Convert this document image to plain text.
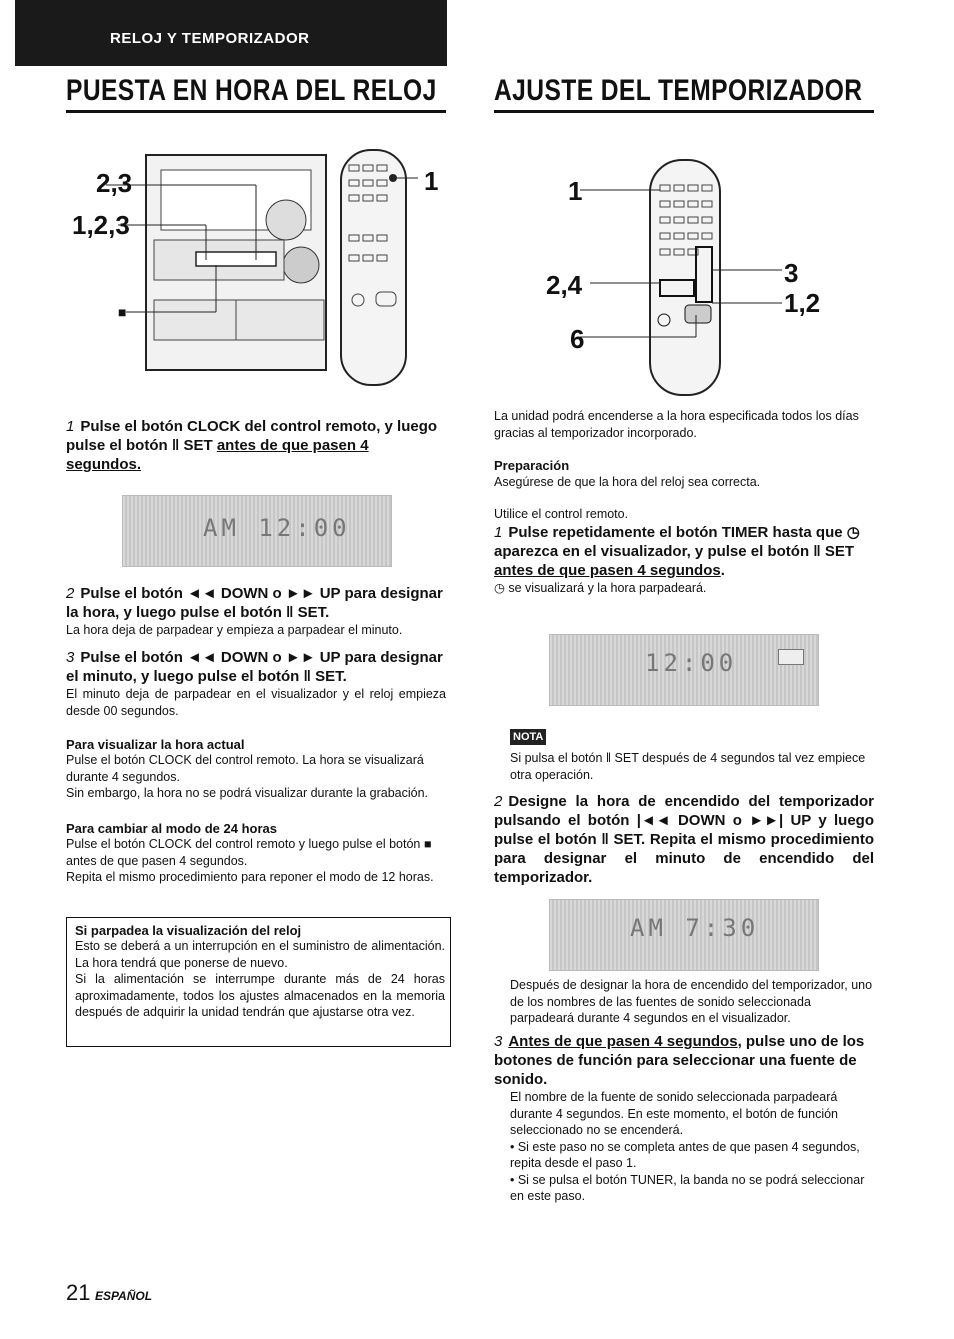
RELOJ Y TEMPORIZADOR
PUESTA EN HORA DEL RELOJ
2,3
1,2,3
1
■
1 Pulse el botón CLOCK del control remoto, y luego pulse el botón ‖ SET antes de que pasen 4 segundos.
AM 12:00
2 Pulse el botón ◄◄ DOWN o ►► UP para designar la hora, y luego pulse el botón ‖ SET.
La hora deja de parpadear y empieza a parpadear el minuto.
3 Pulse el botón ◄◄ DOWN o ►► UP para designar el minuto, y luego pulse el botón ‖ SET.
El minuto deja de parpadear en el visualizador y el reloj empieza desde 00 segundos.
Para visualizar la hora actual
Pulse el botón CLOCK del control remoto. La hora se visualizará durante 4 segundos.
Sin embargo, la hora no se podrá visualizar durante la grabación.
Para cambiar al modo de 24 horas
Pulse el botón CLOCK del control remoto y luego pulse el botón ■ antes de que pasen 4 segundos.
Repita el mismo procedimiento para reponer el modo de 12 horas.
Si parpadea la visualización del reloj
Esto se deberá a un interrupción en el suministro de alimentación. La hora tendrá que ponerse de nuevo.
Si la alimentación se interrumpe durante más de 24 horas aproximadamente, todos los ajustes almacenados en la memoria después de adquirir la unidad tendrán que ajustarse otra vez.
AJUSTE DEL TEMPORIZADOR
1
2,4
6
3
1,2
La unidad podrá encenderse a la hora especificada todos los días gracias al temporizador incorporado.
Preparación
Asegúrese de que la hora del reloj sea correcta.
Utilice el control remoto.
1 Pulse repetidamente el botón TIMER hasta que ◷ aparezca en el visualizador, y pulse el botón ‖ SET antes de que pasen 4 segundos.
◷ se visualizará y la hora parpadeará.
12:00
NOTA
Si pulsa el botón ‖ SET después de 4 segundos tal vez empiece otra operación.
2 Designe la hora de encendido del temporizador pulsando el botón |◄◄ DOWN o ►►| UP y luego pulse el botón ‖ SET. Repita el mismo procedimiento para designar el minuto de encendido del temporizador.
AM 7:30
Después de designar la hora de encendido del temporizador, uno de los nombres de las fuentes de sonido seleccionada parpadeará durante 4 segundos en el visualizador.
3 Antes de que pasen 4 segundos, pulse uno de los botones de función para seleccionar una fuente de sonido.
El nombre de la fuente de sonido seleccionada parpadeará durante 4 segundos. En este momento, el botón de función seleccionado no se encenderá.
• Si este paso no se completa antes de que pasen 4 segundos, repita desde el paso 1.
• Si se pulsa el botón TUNER, la banda no se podrá seleccionar en este paso.
21 ESPAÑOL
